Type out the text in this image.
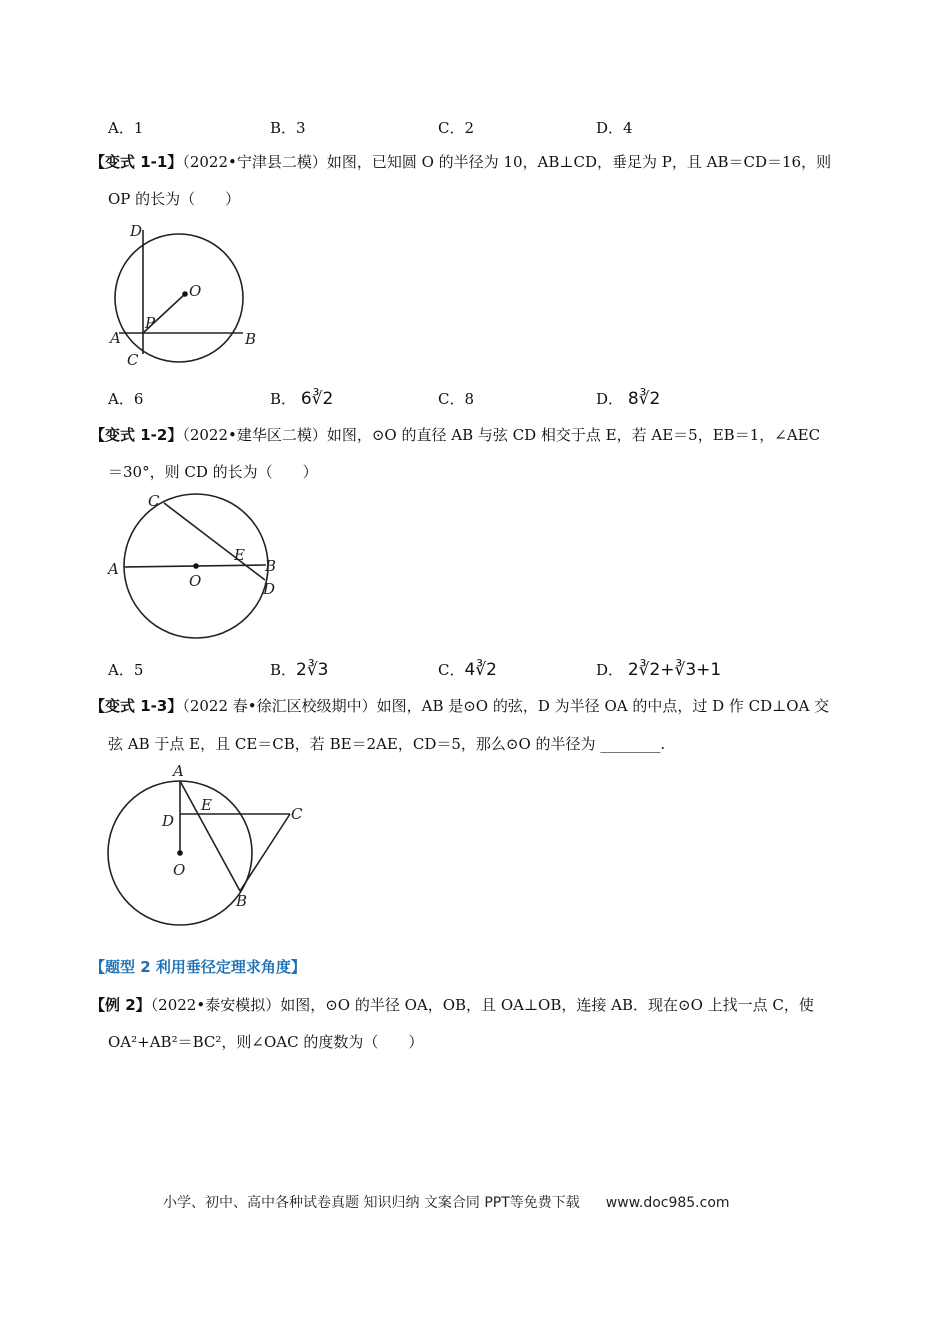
A．1	B．3	C．2	D．4
【变式 1-1】（2022•宁津县二模）如图，已知圆 O 的半径为 10，AB⊥CD，垂足为 P，且 AB＝CD＝16，则
OP 的长为（　　）
D
O
P
A	B
C
A．6	B． 6∛2	C．8	D． 8∛2
【变式 1-2】（2022•建华区二模）如图，⊙O 的直径 AB 与弦 CD 相交于点 E，若 AE＝5，EB＝1，∠AEC
＝30°，则 CD 的长为（　　）
C
E
A
O
B
D
A．5	B．2∛3	C．4∛2	D． 2∛2+∛3+1
【变式 1-3】（2022 春•徐汇区校级期中）如图，AB 是⊙O 的弦，D 为半径 OA 的中点，过 D 作 CD⊥OA 交
弦 AB 于点 E，且 CE＝CB，若 BE＝2AE，CD＝5，那么⊙O 的半径为 ________.
A
E	C
D
O
B
【题型 2 利用垂径定理求角度】
【例 2】（2022•泰安模拟）如图，⊙O 的半径 OA，OB，且 OA⊥OB，连接 AB．现在⊙O 上找一点 C，使
OA²+AB²＝BC²，则∠OAC 的度数为（　　）
小学、初中、高中各种试卷真题 知识归纳 文案合同 PPT等免费下载 www.doc985.com
